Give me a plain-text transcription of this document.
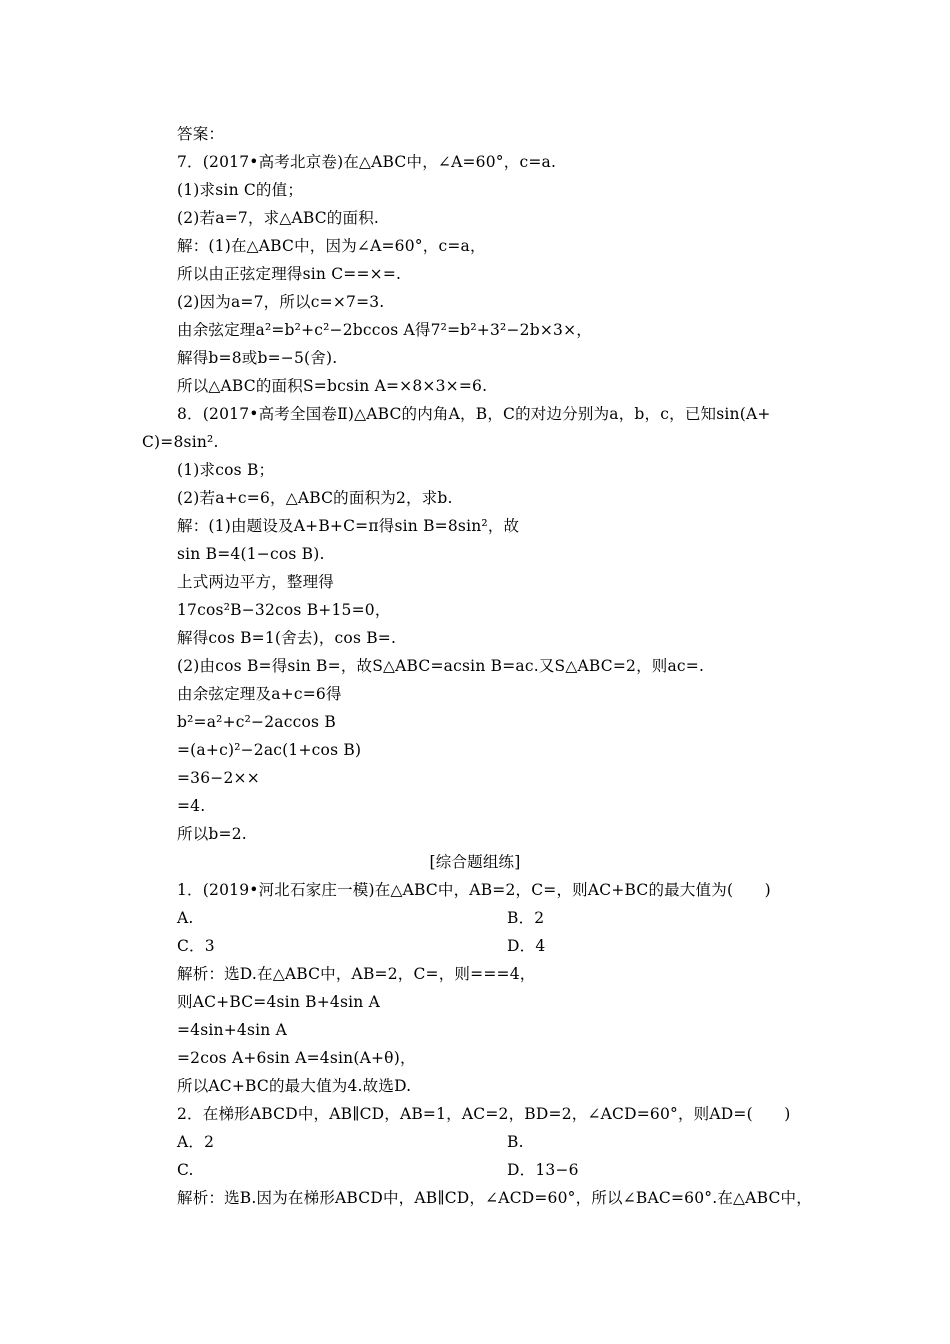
答案：
7．(2017•高考北京卷)在△ABC中，∠A=60°，c=a.
(1)求sin C的值；
(2)若a=7，求△ABC的面积.
解：(1)在△ABC中，因为∠A=60°，c=a，
所以由正弦定理得sin C==×=.
(2)因为a=7，所以c=×7=3.
由余弦定理a²=b²+c²−2bccos A得7²=b²+3²−2b×3×，
解得b=8或b=−5(舍).
所以△ABC的面积S=bcsin A=×8×3×=6.
8．(2017•高考全国卷Ⅱ)△ABC的内角A，B，C的对边分别为a，b，c，已知sin(A+
C)=8sin².
(1)求cos B；
(2)若a+c=6，△ABC的面积为2，求b.
解：(1)由题设及A+B+C=π得sin B=8sin²，故
sin B=4(1−cos B).
上式两边平方，整理得
17cos²B−32cos B+15=0，
解得cos B=1(舍去)，cos B=.
(2)由cos B=得sin B=，故S△ABC=acsin B=ac.又S△ABC=2，则ac=.
由余弦定理及a+c=6得
b²=a²+c²−2accos B
=(a+c)²−2ac(1+cos B)
=36−2××
=4.
所以b=2.
[综合题组练]
1．(2019•河北石家庄一模)在△ABC中，AB=2，C=，则AC+BC的最大值为(　　)
A.	B．2
C．3	D．4
解析：选D.在△ABC中，AB=2，C=，则===4，
则AC+BC=4sin B+4sin A
=4sin+4sin A
=2cos A+6sin A=4sin(A+θ)，
所以AC+BC的最大值为4.故选D.
2．在梯形ABCD中，AB∥CD，AB=1，AC=2，BD=2，∠ACD=60°，则AD=(　　)
A．2	B.
C.	D．13−6
解析：选B.因为在梯形ABCD中，AB∥CD，∠ACD=60°，所以∠BAC=60°.在△ABC中，
